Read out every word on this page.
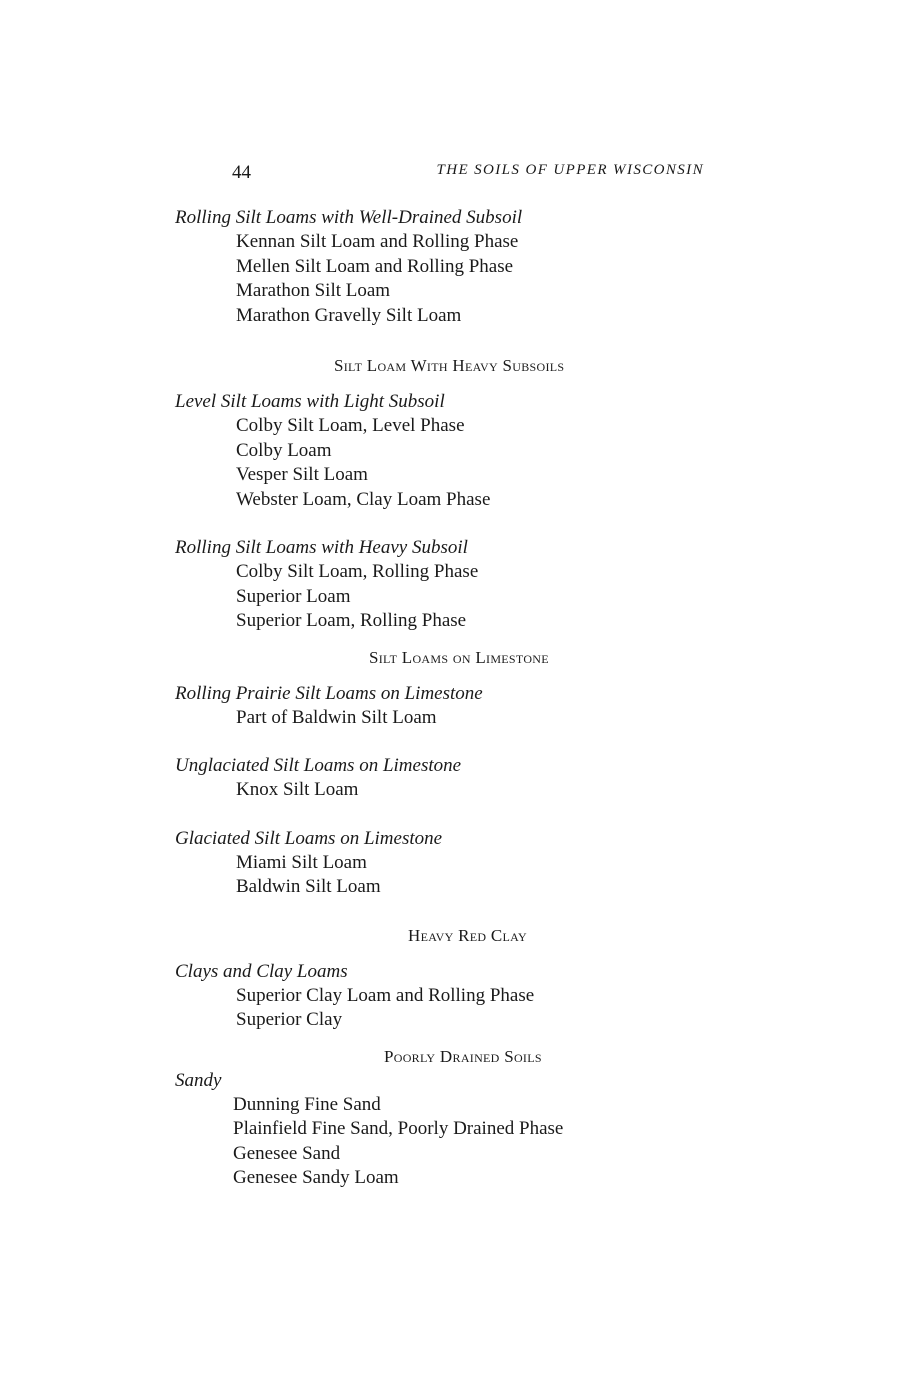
44	THE SOILS OF UPPER WISCONSIN
Rolling Silt Loams with Well-Drained Subsoil
Kennan Silt Loam and Rolling Phase
Mellen Silt Loam and Rolling Phase
Marathon Silt Loam
Marathon Gravelly Silt Loam
Silt Loam With Heavy Subsoils
Level Silt Loams with Light Subsoil
Colby Silt Loam, Level Phase
Colby Loam
Vesper Silt Loam
Webster Loam, Clay Loam Phase
Rolling Silt Loams with Heavy Subsoil
Colby Silt Loam, Rolling Phase
Superior Loam
Superior Loam, Rolling Phase
Silt Loams on Limestone
Rolling Prairie Silt Loams on Limestone
Part of Baldwin Silt Loam
Unglaciated Silt Loams on Limestone
Knox Silt Loam
Glaciated Silt Loams on Limestone
Miami Silt Loam
Baldwin Silt Loam
Heavy Red Clay
Clays and Clay Loams
Superior Clay Loam and Rolling Phase
Superior Clay
Poorly Drained Soils
Sandy
Dunning Fine Sand
Plainfield Fine Sand, Poorly Drained Phase
Genesee Sand
Genesee Sandy Loam
